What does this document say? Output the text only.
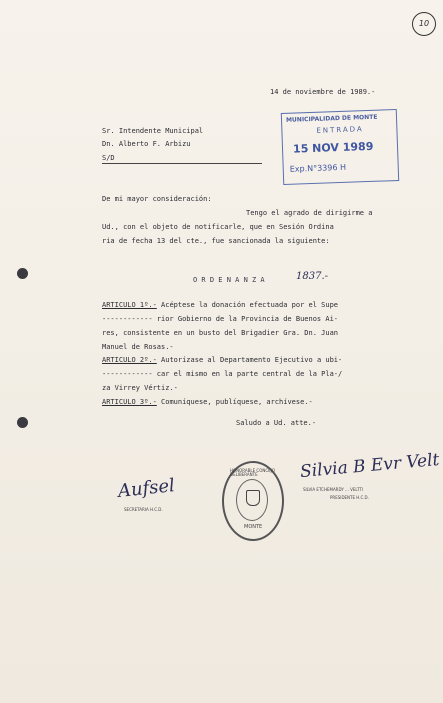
10
14 de noviembre de 1989.-
Sr. Intendente Municipal
Dn. Alberto F. Arbizu
S/D
MUNICIPALIDAD DE MONTE
ENTRADA
15 NOV 1989
Exp.N°3396 H
De mi mayor consideración:
Tengo el agrado de dirigirme a
Ud., con el objeto de notificarle, que en Sesión Ordina
ria de fecha 13 del cte., fue sancionada la siguiente:
O R D E N A N Z A	1837.-
ARTICULO 1º.- Acéptese la donación efectuada por el Supe
------------ rior Gobierno de la Provincia de Buenos Ai-
res, consistente en un busto del Brigadier Gra. Dn. Juan
Manuel de Rosas.-
ARTICULO 2º.- Autorízase al Departamento Ejecutivo a ubi-
------------ car el mismo en la parte central de la Pla-/
za Virrey Vértiz.-
ARTICULO 3º.- Comuníquese, publíquese, archívese.-
Saludo a Ud. atte.-
Aufsel
SECRETARIA H.C.D.
HONORABLE CONCEJO DELIBERANTE
MONTE
Silvia B Evr Velt
SILVIA ETCHEMARDY ... VELTTI
PRESIDENTE H.C.D.
